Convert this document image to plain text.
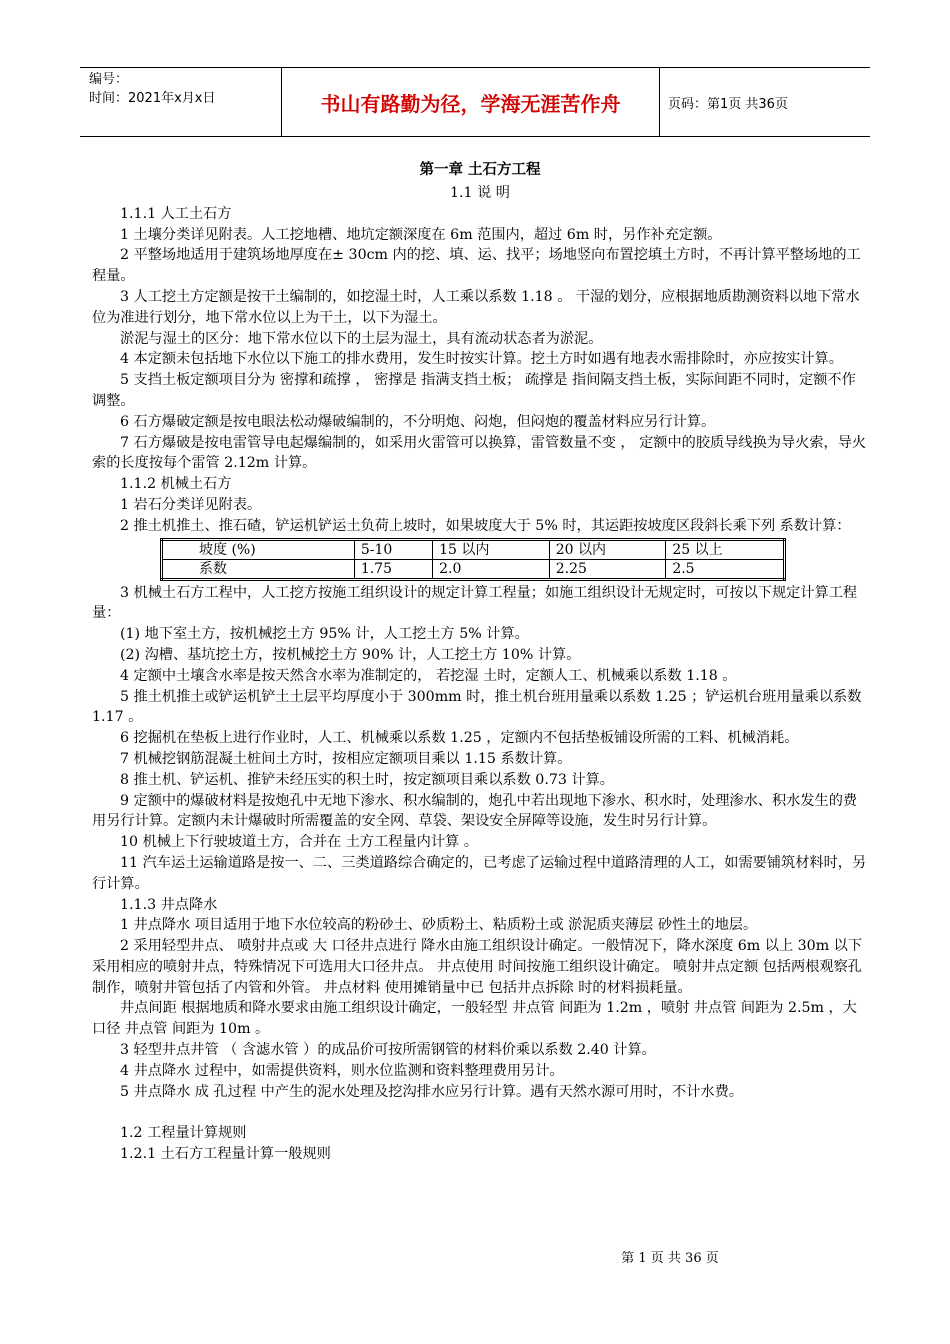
编号：
时间：2021年x月x日	书山有路勤为径，学海无涯苦作舟	页码：第1页 共36页

第一章 土石方工程

1.1 说 明

1.1.1 人工土石方

1 土壤分类详见附表。人工挖地槽、地坑定额深度在 6m 范围内，超过 6m 时，另作补充定额。

2 平整场地适用于建筑场地厚度在± 30cm 内的挖、填、运、找平；场地竖向布置挖填土方时，不再计算平整场地的工程量。

3 人工挖土方定额是按干土编制的，如挖湿土时，人工乘以系数 1.18 。 干湿的划分，应根据地质勘测资料以地下常水位为准进行划分，地下常水位以上为干土，以下为湿土。

淤泥与湿土的区分：地下常水位以下的土层为湿土，具有流动状态者为淤泥。

4 本定额未包括地下水位以下施工的排水费用，发生时按实计算。挖土方时如遇有地表水需排除时，亦应按实计算。

5 支挡土板定额项目分为 密撑和疏撑 ， 密撑是 指满支挡土板； 疏撑是 指间隔支挡土板，实际间距不同时，定额不作调整。

6 石方爆破定额是按电眼法松动爆破编制的，不分明炮、闷炮，但闷炮的覆盖材料应另行计算。

7 石方爆破是按电雷管导电起爆编制的，如采用火雷管可以换算，雷管数量不变 ， 定额中的胶质导线换为导火索，导火索的长度按每个雷管 2.12m 计算。

1.1.2 机械土石方

1 岩石分类详见附表。

2 推土机推土、推石碴，铲运机铲运土负荷上坡时，如果坡度大于 5% 时，其运距按坡度区段斜长乘下列 系数计算：

坡度 (%)	5-10	15 以内	20 以内	25 以上
系数	1.75	2.0	2.25	2.5

3 机械土石方工程中，人工挖方按施工组织设计的规定计算工程量；如施工组织设计无规定时，可按以下规定计算工程量：

(1) 地下室土方，按机械挖土方 95% 计，人工挖土方 5% 计算。

(2) 沟槽、基坑挖土方，按机械挖土方 90% 计，人工挖土方 10% 计算。

4 定额中土壤含水率是按天然含水率为准制定的， 若挖湿 土时，定额人工、机械乘以系数 1.18 。

5 推土机推土或铲运机铲土土层平均厚度小于 300mm 时，推土机台班用量乘以系数 1.25 ；铲运机台班用量乘以系数 1.17 。

6 挖掘机在垫板上进行作业时，人工、机械乘以系数 1.25 ，定额内不包括垫板铺设所需的工料、机械消耗。

7 机械挖钢筋混凝土桩间土方时，按相应定额项目乘以 1.15 系数计算。

8 推土机、铲运机、推铲未经压实的积土时，按定额项目乘以系数 0.73 计算。

9 定额中的爆破材料是按炮孔中无地下渗水、积水编制的，炮孔中若出现地下渗水、积水时，处理渗水、积水发生的费用另行计算。定额内未计爆破时所需覆盖的安全网、草袋、架设安全屏障等设施，发生时另行计算。

10 机械上下行驶坡道土方，合并在 土方工程量内计算 。

11 汽车运土运输道路是按一、二、三类道路综合确定的，已考虑了运输过程中道路清理的人工，如需要铺筑材料时，另行计算。

1.1.3 井点降水

1 井点降水 项目适用于地下水位较高的粉砂土、砂质粉土、粘质粉土或 淤泥质夹薄层 砂性土的地层。

2 采用轻型井点、 喷射井点或 大 口径井点进行 降水由施工组织设计确定。一般情况下，降水深度 6m 以上 30m 以下采用相应的喷射井点，特殊情况下可选用大口径井点。 井点使用 时间按施工组织设计确定。 喷射井点定额 包括两根观察孔制作，喷射井管包括了内管和外管。 井点材料 使用摊销量中已 包括井点拆除 时的材料损耗量。

井点间距 根据地质和降水要求由施工组织设计确定，一般轻型 井点管 间距为 1.2m ，喷射 井点管 间距为 2.5m ，大口径 井点管 间距为 10m 。

3 轻型井点井管 （ 含滤水管 ）的成品价可按所需钢管的材料价乘以系数 2.40 计算。

4 井点降水 过程中，如需提供资料，则水位监测和资料整理费用另计。

5 井点降水 成 孔过程 中产生的泥水处理及挖沟排水应另行计算。遇有天然水源可用时，不计水费。

1.2 工程量计算规则

1.2.1 土石方工程量计算一般规则

第 1 页 共 36 页
